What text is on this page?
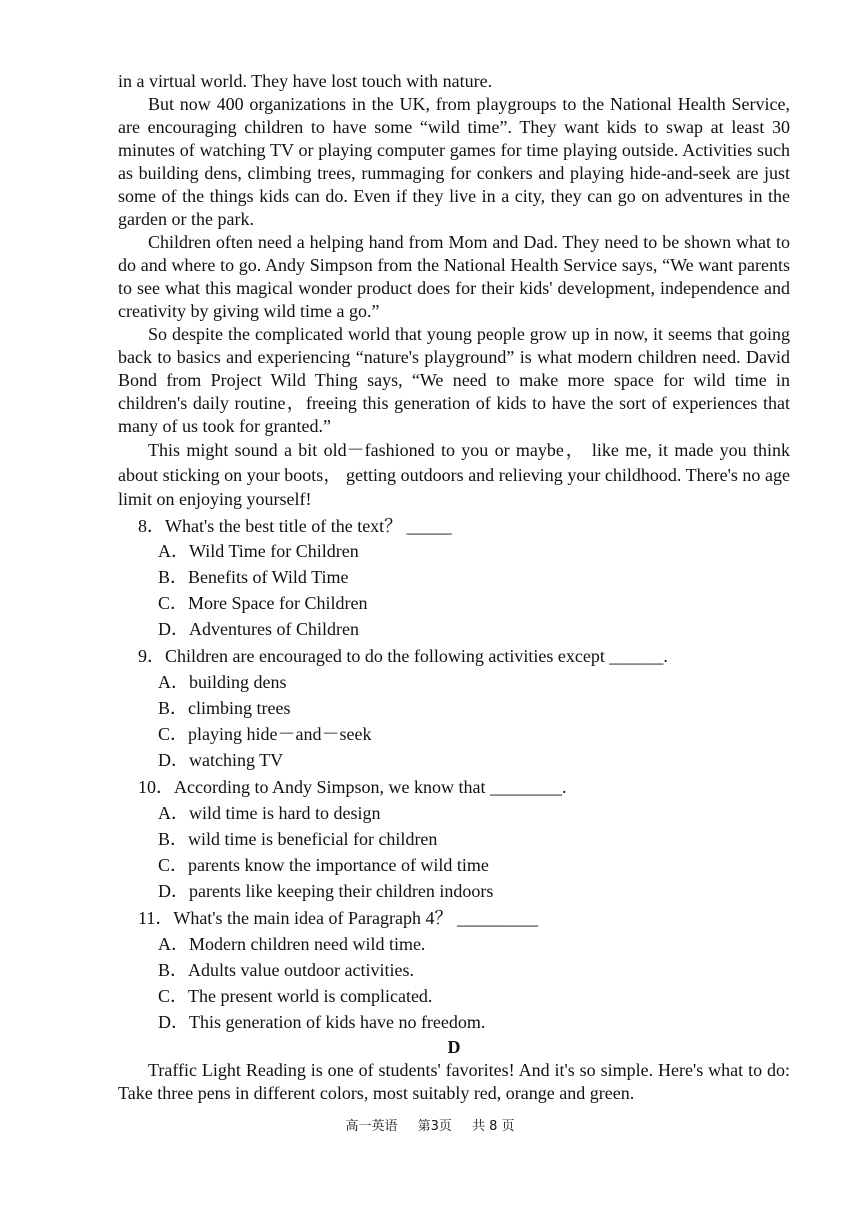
in a virtual world. They have lost touch with nature.

But now 400 organizations in the UK, from playgroups to the National Health Service, are encouraging children to have some “wild time”. They want kids to swap at least 30 minutes of watching TV or playing computer games for time playing outside. Activities such as building dens, climbing trees, rummaging for conkers and playing hide-and-seek are just some of the things kids can do. Even if they live in a city, they can go on adventures in the garden or the park.

Children often need a helping hand from Mom and Dad. They need to be shown what to do and where to go. Andy Simpson from the National Health Service says, “We want parents to see what this magical wonder product does for their kids' development, independence and creativity by giving wild time a go.”

So despite the complicated world that young people grow up in now, it seems that going back to basics and experiencing “nature's playground” is what modern children need. David Bond from Project Wild Thing says, “We need to make more space for wild time in children's daily routine，freeing this generation of kids to have the sort of experiences that many of us took for granted.”

This might sound a bit old－fashioned to you or maybe， like me, it made you think about sticking on your boots， getting outdoors and relieving your childhood. There's no age limit on enjoying yourself!

8．What's the best title of the text？ _____

A．Wild Time for Children

B．Benefits of Wild Time

C．More Space for Children

D．Adventures of Children

9．Children are encouraged to do the following activities except ______.

A．building dens

B．climbing trees

C．playing hide－and－seek

D．watching TV

10．According to Andy Simpson, we know that ________.

A．wild time is hard to design

B．wild time is beneficial for children

C．parents know the importance of wild time

D．parents like keeping their children indoors

11．What's the main idea of Paragraph 4？ _________

A．Modern children need wild time.

B．Adults value outdoor activities.

C．The present world is complicated.

D．This generation of kids have no freedom.

D

Traffic Light Reading is one of students' favorites! And it's so simple. Here's what to do: Take three pens in different colors, most suitably red, orange and green.

高一英语 第3页 共 8 页
